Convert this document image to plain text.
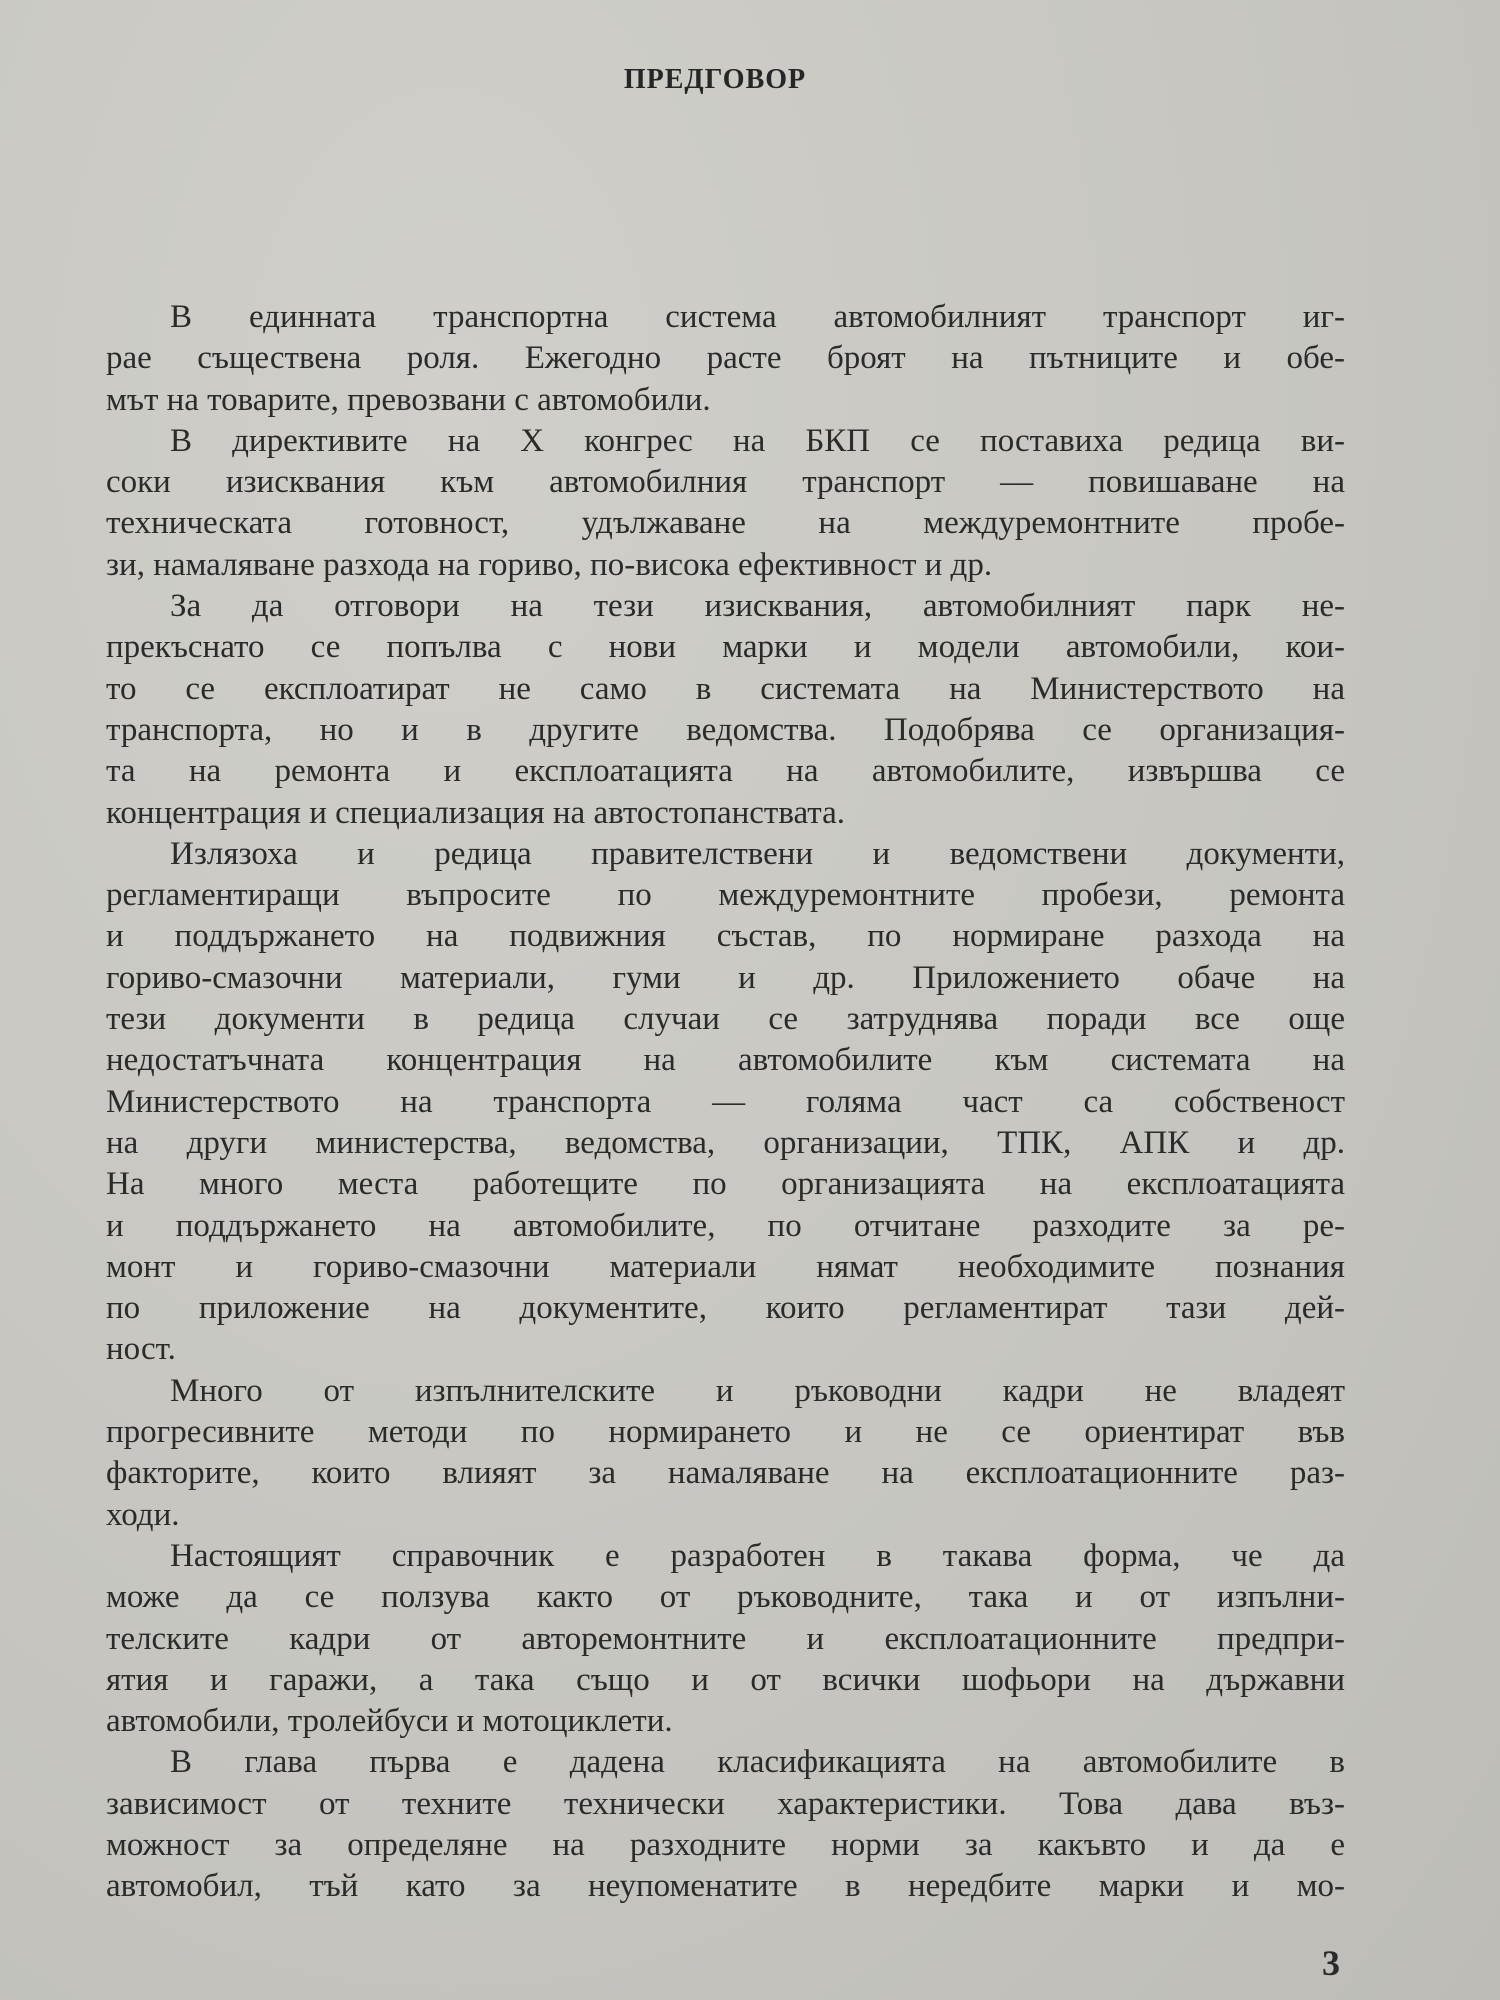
ПРЕДГОВОР
В единната транспортна система автомобилният транспорт иг-
рае съществена роля. Ежегодно расте броят на пътниците и обе-
мът на товарите, превозвани с автомобили.
В директивите на X конгрес на БКП се поставиха редица ви-
соки изисквания към автомобилния транспорт — повишаване на
техническата готовност, удължаване на междуремонтните пробе-
зи, намаляване разхода на гориво, по-висока ефективност и др.
За да отговори на тези изисквания, автомобилният парк не-
прекъснато се попълва с нови марки и модели автомобили, кои-
то се експлоатират не само в системата на Министерството на
транспорта, но и в другите ведомства. Подобрява се организация-
та на ремонта и експлоатацията на автомобилите, извършва се
концентрация и специализация на автостопанствата.
Излязоха и редица правителствени и ведомствени документи,
регламентиращи въпросите по междуремонтните пробези, ремонта
и поддържането на подвижния състав, по нормиране разхода на
гориво-смазочни материали, гуми и др. Приложението обаче на
тези документи в редица случаи се затруднява поради все още
недостатъчната концентрация на автомобилите към системата на
Министерството на транспорта — голяма част са собственост
на други министерства, ведомства, организации, ТПК, АПК и др.
На много места работещите по организацията на експлоатацията
и поддържането на автомобилите, по отчитане разходите за ре-
монт и гориво-смазочни материали нямат необходимите познания
по приложение на документите, които регламентират тази дей-
ност.
Много от изпълнителските и ръководни кадри не владеят
прогресивните методи по нормирането и не се ориентират във
факторите, които влияят за намаляване на експлоатационните раз-
ходи.
Настоящият справочник е разработен в такава форма, че да
може да се ползува както от ръководните, така и от изпълни-
телските кадри от авторемонтните и експлоатационните предпри-
ятия и гаражи, а така също и от всички шофьори на държавни
автомобили, тролейбуси и мотоциклети.
В глава първа е дадена класификацията на автомобилите в
зависимост от техните технически характеристики. Това дава въз-
можност за определяне на разходните норми за какъвто и да е
автомобил, тъй като за неупоменатите в нередбите марки и мо-
3
